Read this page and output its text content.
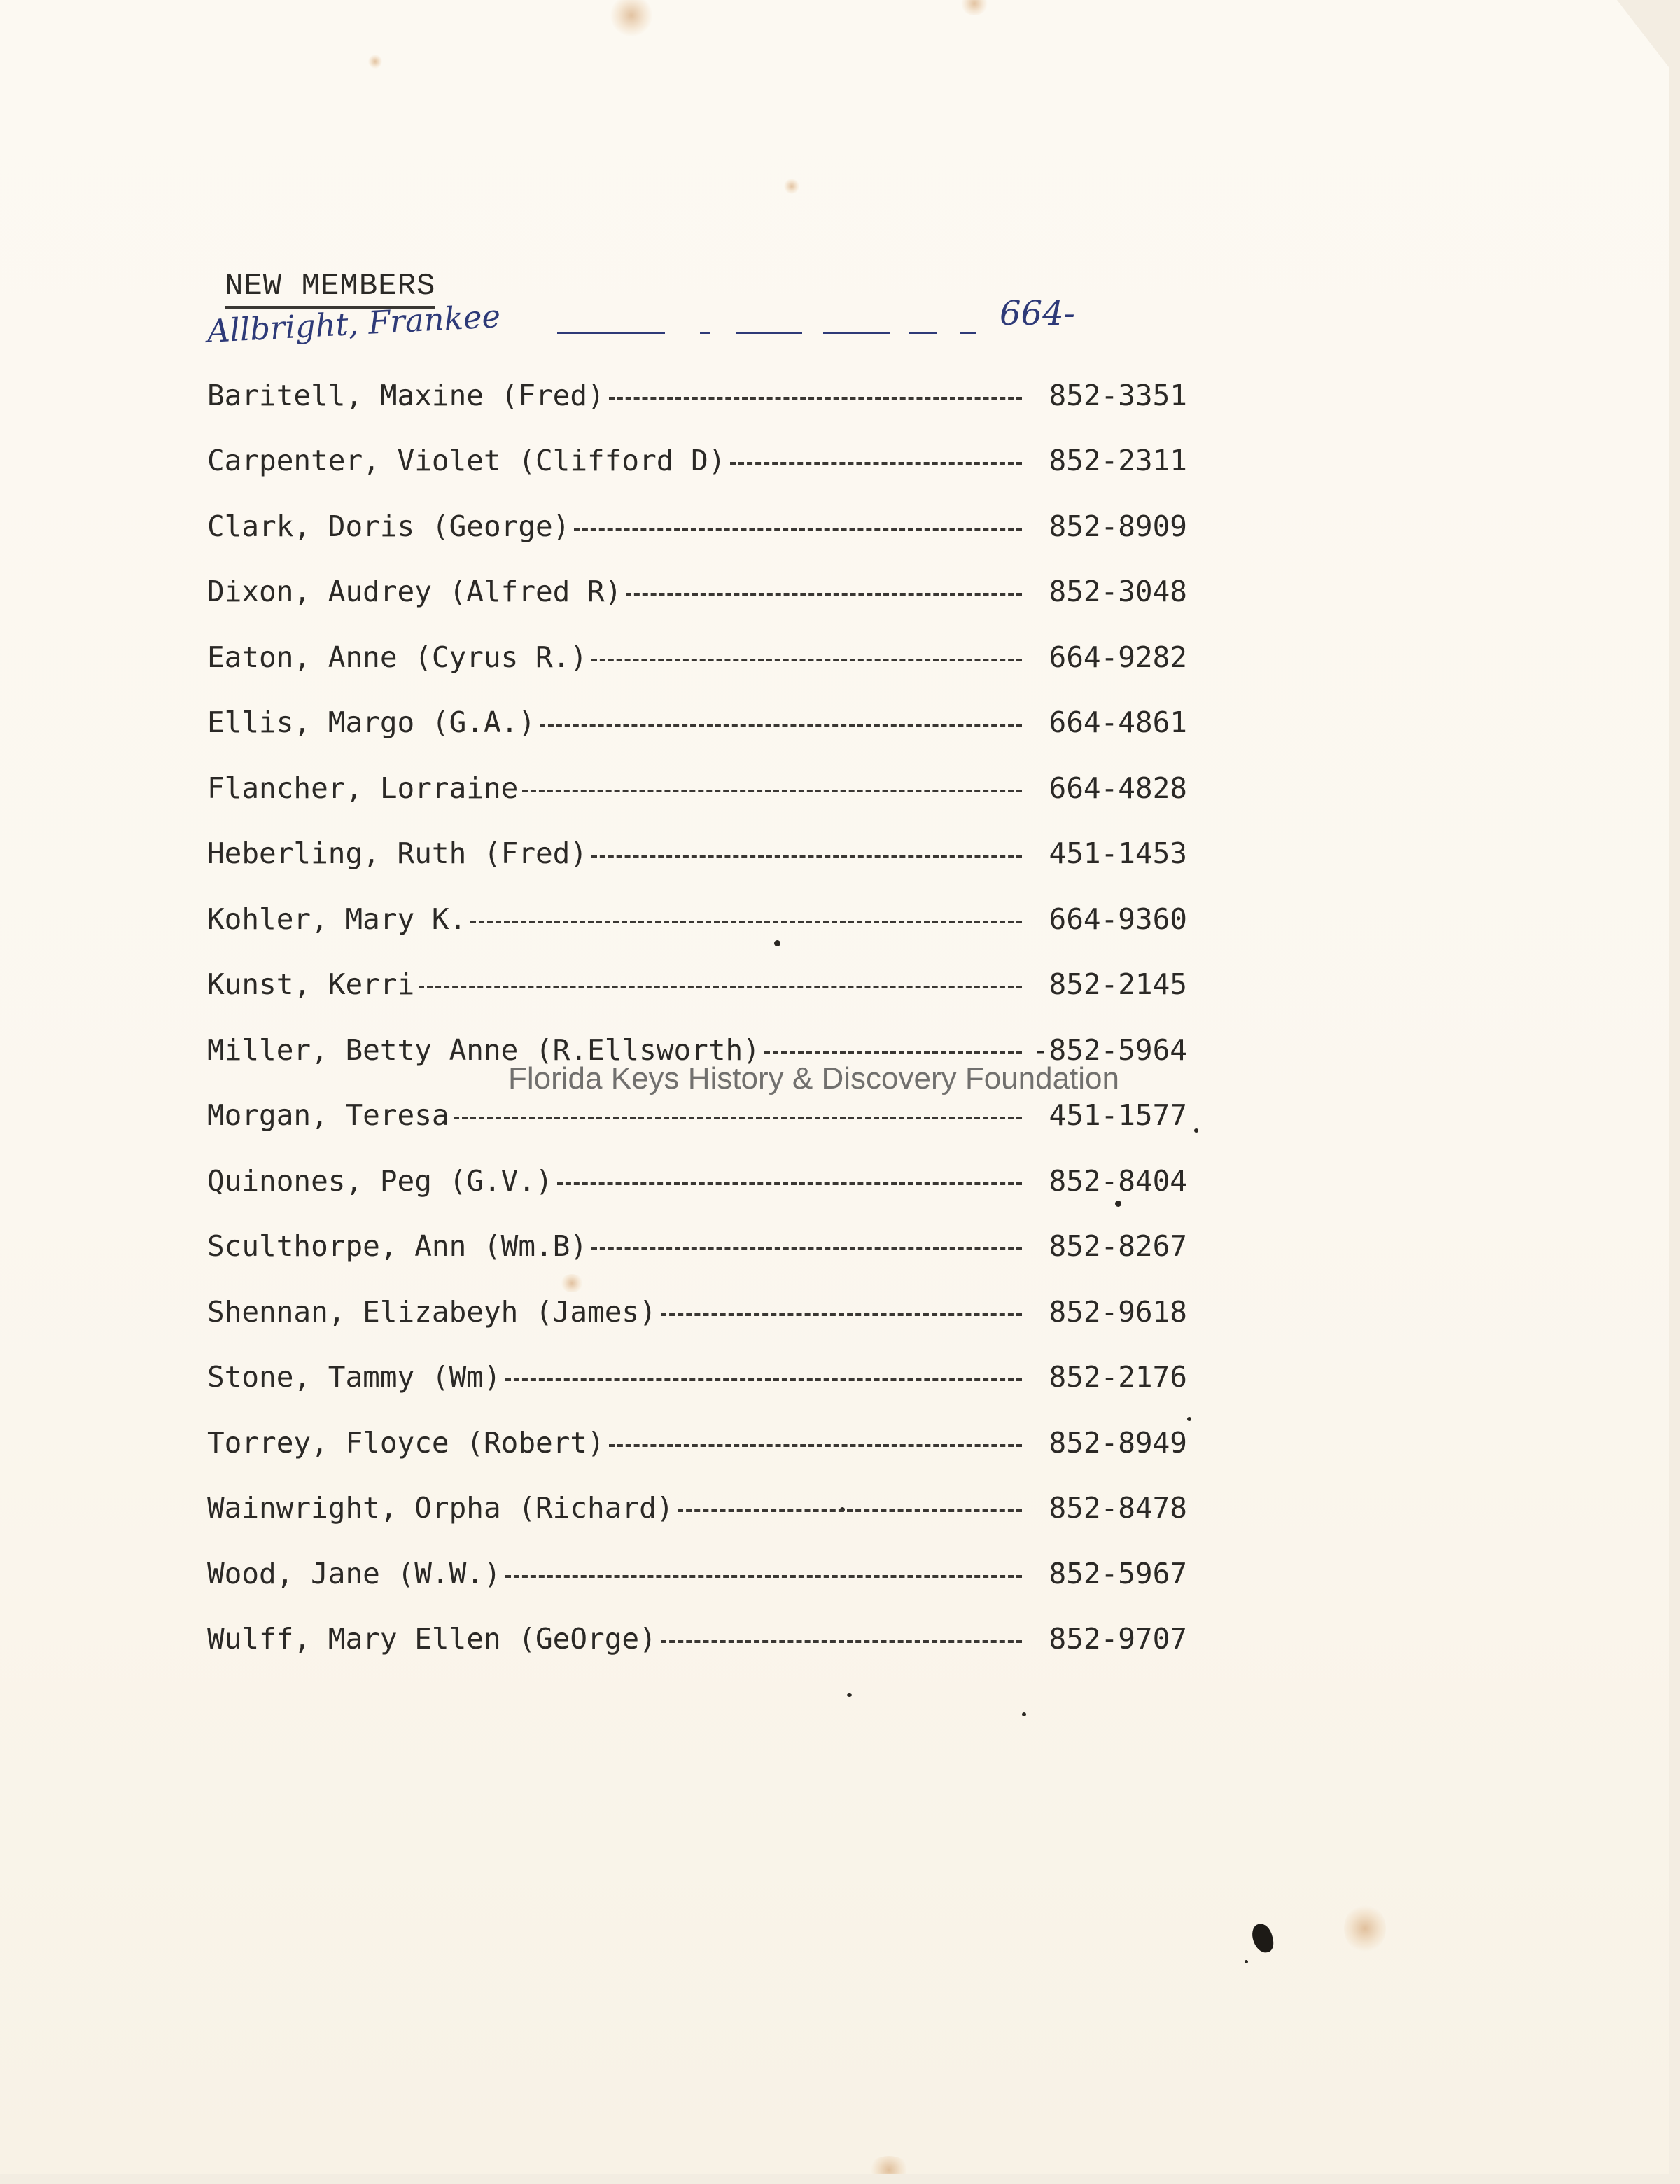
NEW MEMBERS
Allbright, Frankee	664-
Baritell, Maxine (Fred)	852-3351
Carpenter, Violet (Clifford D)	852-2311
Clark, Doris (George)	852-8909
Dixon, Audrey (Alfred R)	852-3048
Eaton, Anne (Cyrus R.)	664-9282
Ellis, Margo (G.A.)	664-4861
Flancher, Lorraine	664-4828
Heberling, Ruth (Fred)	451-1453
Kohler, Mary K.	664-9360
Kunst, Kerri	852-2145
Miller, Betty Anne (R.Ellsworth)	-852-5964
Morgan, Teresa	451-1577
Quinones, Peg (G.V.)	852-8404
Sculthorpe, Ann (Wm.B)	852-8267
Shennan, Elizabeyh (James)	852-9618
Stone, Tammy (Wm)	852-2176
Torrey, Floyce (Robert)	852-8949
Wainwright, Orpha (Richard)	852-8478
Wood, Jane (W.W.)	852-5967
Wulff, Mary Ellen (GeOrge)	852-9707
Florida Keys History & Discovery Foundation
